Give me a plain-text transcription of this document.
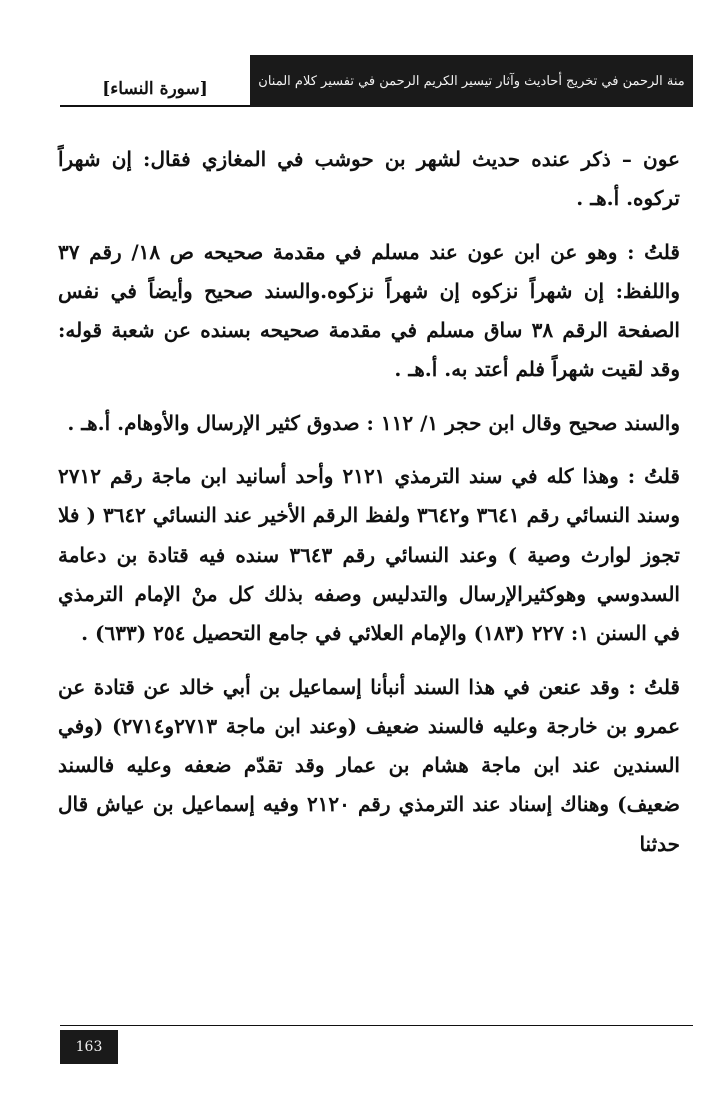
[سورة النساء]	منة الرحمن في تخريج أحاديث وآثار تيسير الكريم الرحمن في تفسير كلام المنان

عون – ذكر عنده حديث لشهر بن حوشب في المغازي فقال: إن شهراً تركوه. أ.هـ .

قلتُ : وهو عن ابن عون عند مسلم في مقدمة صحيحه ص ١٨/ رقم ٣٧ واللفظ: إن شهراً نزكوه إن شهراً نزكوه.والسند صحيح وأيضاً في نفس الصفحة الرقم ٣٨ ساق مسلم في مقدمة صحيحه بسنده عن شعبة قوله: وقد لقيت شهراً فلم أعتد به. أ.هـ .

والسند صحيح وقال ابن حجر ١/ ١١٢ : صدوق كثير الإرسال والأوهام. أ.هـ .

قلتُ : وهذا كله في سند الترمذي ٢١٢١ وأحد أسانيد ابن ماجة رقم ٢٧١٢ وسند النسائي رقم ٣٦٤١ و٣٦٤٢ ولفظ الرقم الأخير عند النسائي ٣٦٤٢ ( فلا تجوز لوارث وصية ) وعند النسائي رقم ٣٦٤٣ سنده فيه قتادة بن دعامة السدوسي وهوكثيرالإرسال والتدليس وصفه بذلك كل منْ الإمام الترمذي في السنن ١: ٢٢٧ (١٨٣) والإمام العلائي في جامع التحصيل ٢٥٤ (٦٣٣) .

قلتُ : وقد عنعن في هذا السند أنبأنا إسماعيل بن أبي خالد عن قتادة عن عمرو بن خارجة وعليه فالسند ضعيف (وعند ابن ماجة ٢٧١٣و٢٧١٤) (وفي السندين عند ابن ماجة هشام بن عمار وقد تقدّم ضعفه وعليه فالسند ضعيف) وهناك إسناد عند الترمذي رقم ٢١٢٠ وفيه إسماعيل بن عياش قال حدثنا

163
